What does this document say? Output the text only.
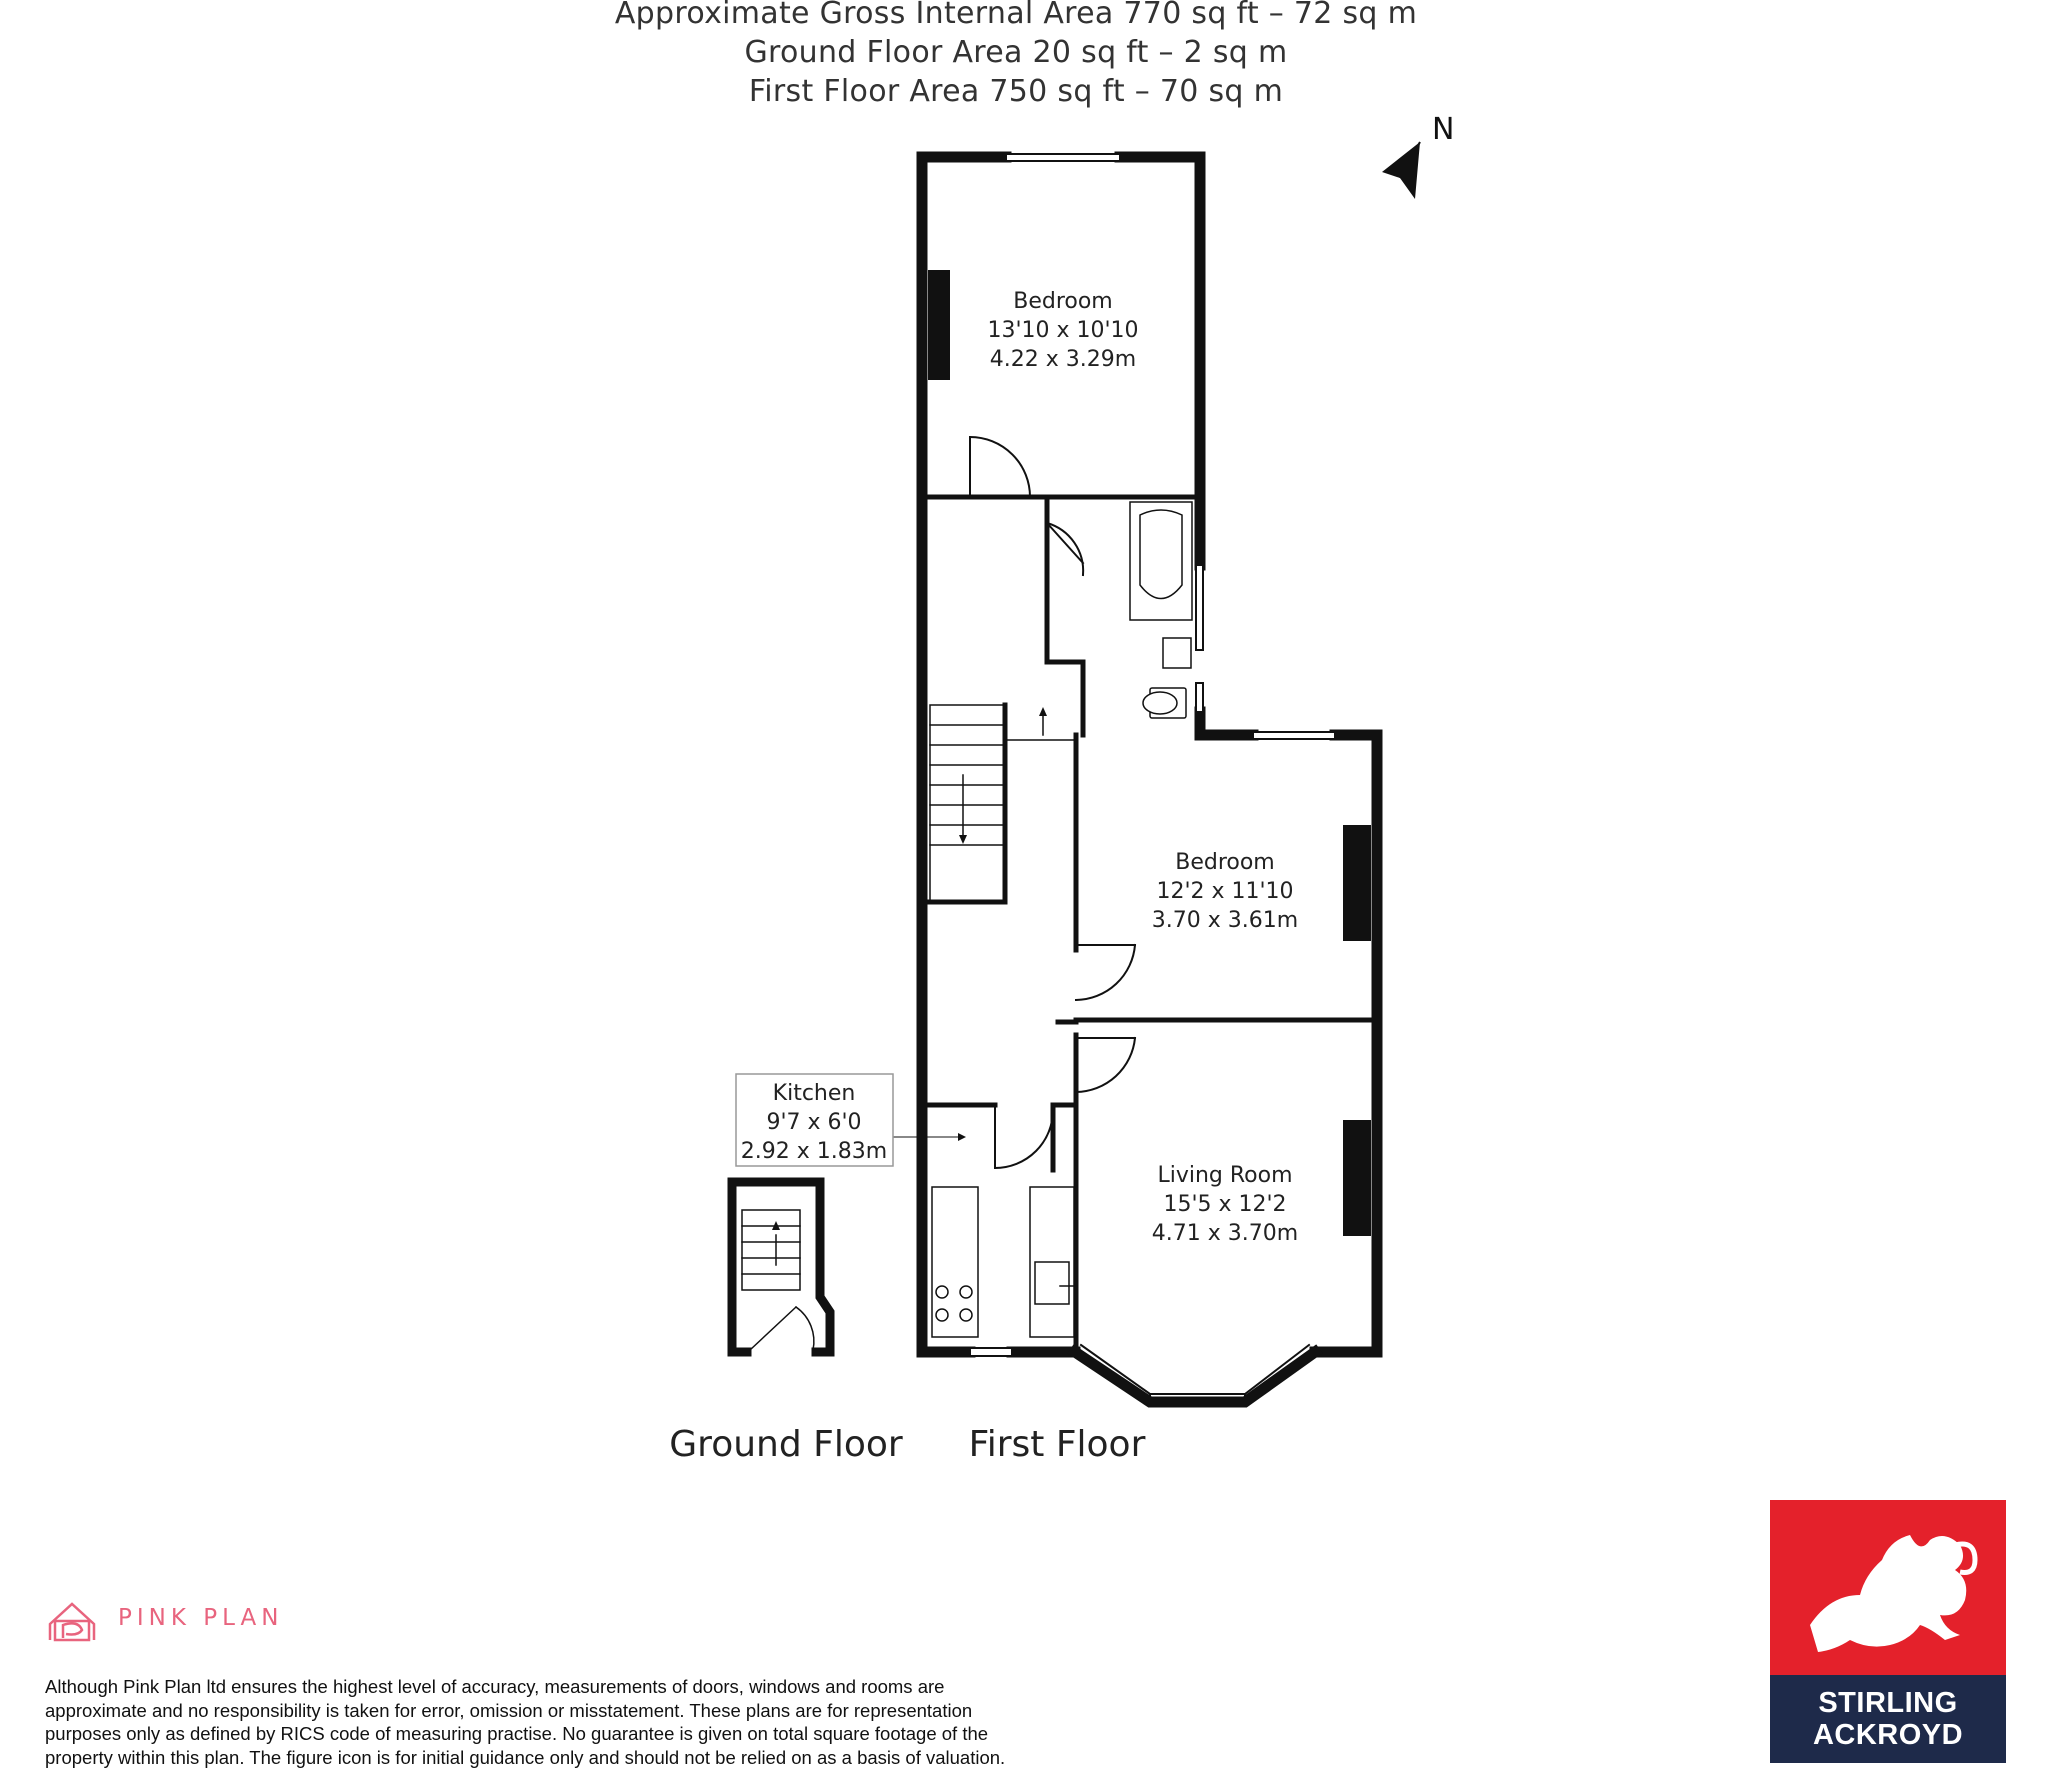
Approximate Gross Internal Area 770 sq ft – 72 sq m
Ground Floor Area 20 sq ft – 2 sq m
First Floor Area 750 sq ft – 70 sq m
N
Bedroom
13'10 x 10'10
4.22 x 3.29m
Bedroom
12'2 x 11'10
3.70 x 3.61m
Living Room
15'5 x 12'2
4.71 x 3.70m
Kitchen
9'7 x 6'0
2.92 x 1.83m
Ground Floor First Floor
PINK PLAN
Although Pink Plan ltd ensures the highest level of accuracy, measurements of doors, windows and rooms are
approximate and no responsibility is taken for error, omission or misstatement. These plans are for representation
purposes only as defined by RICS code of measuring practise. No guarantee is given on total square footage of the
property within this plan. The figure icon is for initial guidance only and should not be relied on as a basis of valuation.
STIRLING
ACKROYD
